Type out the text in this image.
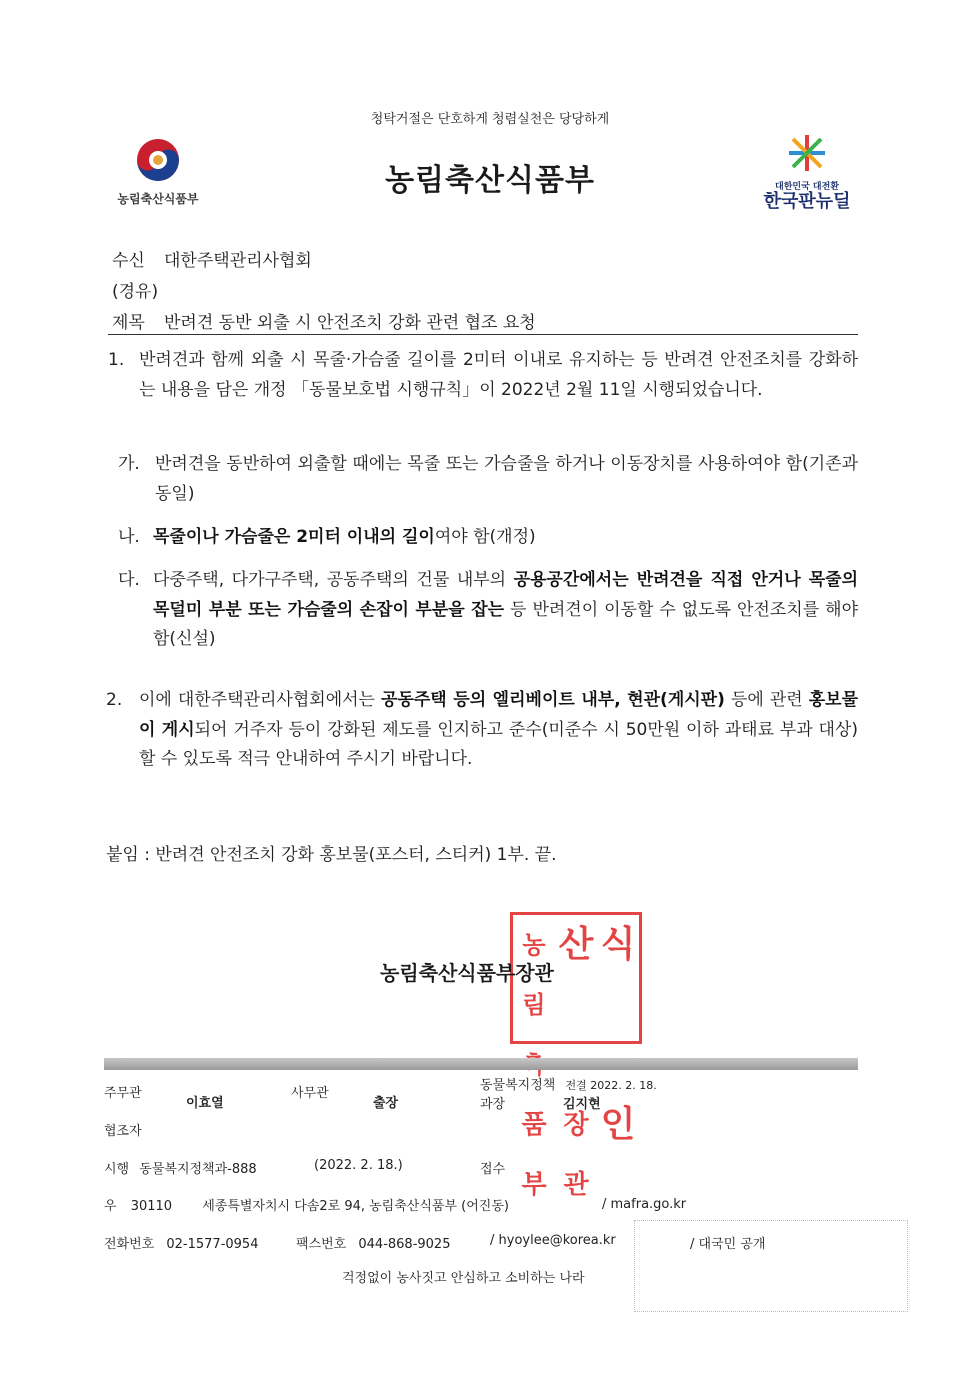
청탁거절은 단호하게 청렴실천은 당당하게
농림축산식품부
농림축산식품부	대한민국 대전환
한국판뉴딜
수신 대한주택관리사협회
(경유)
제목 반려견 동반 외출 시 안전조치 강화 관련 협조 요청
1. 반려견과 함께 외출 시 목줄·가슴줄 길이를 2미터 이내로 유지하는 등 반려견 안전조치를 강화하는 내용을 담은 개정 「동물보호법 시행규칙」이 2022년 2월 11일 시행되었습니다.
가. 반려견을 동반하여 외출할 때에는 목줄 또는 가슴줄을 하거나 이동장치를 사용하여야 함(기존과 동일)
나. 목줄이나 가슴줄은 2미터 이내의 길이여야 함(개정)
다. 다중주택, 다가구주택, 공동주택의 건물 내부의 공용공간에서는 반려견을 직접 안거나 목줄의 목덜미 부분 또는 가슴줄의 손잡이 부분을 잡는 등 반려견이 이동할 수 없도록 안전조치를 해야 함(신설)
2. 이에 대한주택관리사협회에서는 공동주택 등의 엘리베이트 내부, 현관(게시판) 등에 관련 홍보물이 게시되어 거주자 등이 강화된 제도를 인지하고 준수(미준수 시 50만원 이하 과태료 부과 대상)할 수 있도록 적극 안내하여 주시기 바랍니다.
붙임 : 반려견 안전조치 강화 홍보물(포스터, 스티커) 1부. 끝.
농림
산 식
품부
장관
인
농림축산식품부장관
주무관
이효열
사무관
출장
동물복지정책 전결 2022. 2. 18.
과장	김지현
협조자
시행 동물복지정책과-888	(2022. 2. 18.)	접수
우 30110 세종특별자치시 다솜2로 94, 농림축산식품부 (어진동)	/ mafra.go.kr
전화번호 02-1577-0954	팩스번호 044-868-9025	/ hyoylee@korea.kr	/ 대국민 공개
걱정없이 농사짓고 안심하고 소비하는 나라
